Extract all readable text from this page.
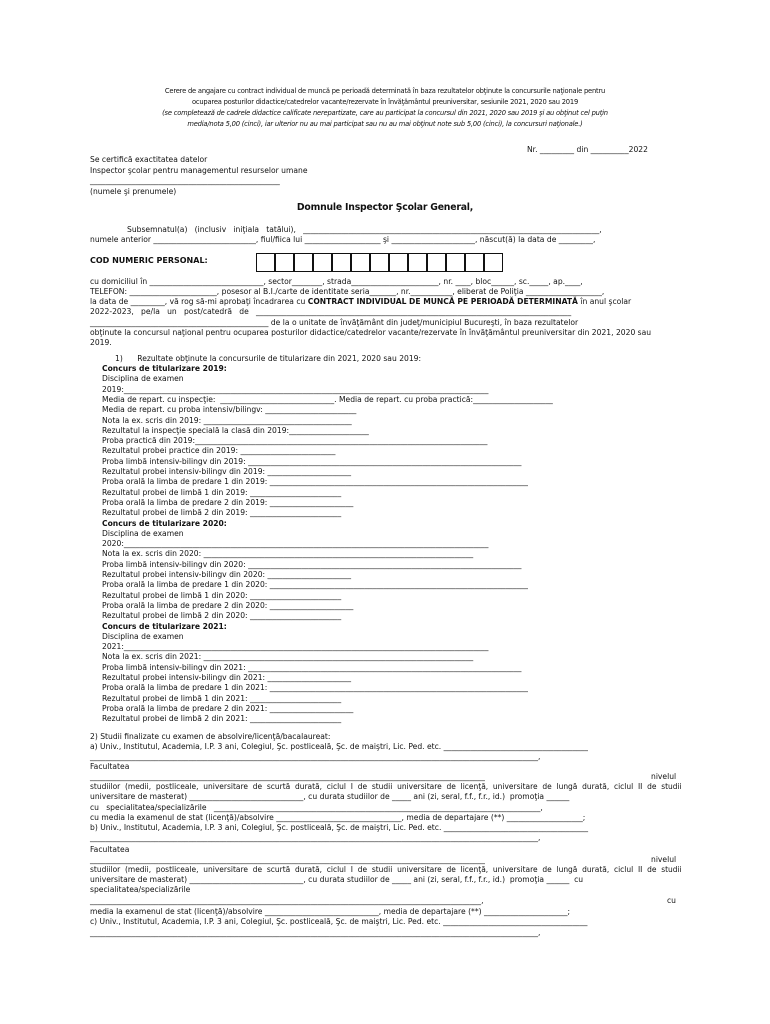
Cerere de angajare cu contract individual de muncă pe perioadă determinată în baza rezultatelor obţinute la concursurile naţionale pentru
ocuparea posturilor didactice/catedrelor vacante/rezervate în învăţământul preuniversitar, sesiunile 2021, 2020 sau 2019
(se completează de cadrele didactice calificate nerepartizate, care au participat la concursul din 2021, 2020 sau 2019 şi au obţinut cel puţin
media/nota 5,00 (cinci), iar ulterior nu au mai participat sau nu au mai obţinut note sub 5,00 (cinci), la concursuri naţionale.)
Nr. _________ din __________2022
Se certifică exactitatea datelor
Inspector şcolar pentru managementul resurselor umane
__________________________________________________
(numele şi prenumele)
Domnule Inspector Şcolar General,
Subsemnatul(a)   (inclusiv   iniţiala   tatălui),   ______________________________________________________________________________,
numele anterior ___________________________, fiul/fiica lui ____________________ şi ______________________, născut(ă) la data de _________,
COD NUMERIC PERSONAL:
cu domiciliul în ______________________________, sector________, strada_______________________, nr. ____, bloc______, sc._____, ap.____,
TELEFON: _______________________, posesor al B.I./carte de identitate seria_______, nr.___________, eliberat de Poliţia ____________________,
la data de _________, vă rog să-mi aprobaţi încadrarea cu CONTRACT INDIVIDUAL DE MUNCĂ PE PERIOADĂ DETERMINATĂ în anul şcolar
2022-2023,   pe/la   un   post/catedră   de   ___________________________________________________________________________________
_______________________________________________ de la o unitate de învăţământ din judeţ/municipiul Bucureşti, în baza rezultatelor
obţinute la concursul naţional pentru ocuparea posturilor didactice/catedrelor vacante/rezervate în învăţământul preuniversitar din 2021, 2020 sau
2019.
1)      Rezultate obţinute la concursurile de titularizare din 2021, 2020 sau 2019:
Concurs de titularizare 2019:
Disciplina de examen
2019:________________________________________________________________________________________________
Media de repart. cu inspecţie:  ______________________________. Media de repart. cu proba practică:_____________________
Media de repart. cu proba intensiv/bilingv: ________________________
Nota la ex. scris din 2019: _______________________________________
Rezultatul la inspecţie specială la clasă din 2019:_____________________
Proba practică din 2019:_____________________________________________________________________________
Rezultatul probei practice din 2019: _________________________
Proba limbă intensiv-bilingv din 2019: ________________________________________________________________________
Rezultatul probei intensiv-bilingv din 2019: ______________________
Proba orală la limba de predare 1 din 2019: ____________________________________________________________________
Rezultatul probei de limbă 1 din 2019: ________________________
Proba orală la limba de predare 2 din 2019: ______________________
Rezultatul probei de limbă 2 din 2019: ________________________
Concurs de titularizare 2020:
Disciplina de examen
2020:________________________________________________________________________________________________
Nota la ex. scris din 2020: _______________________________________________________________________
Proba limbă intensiv-bilingv din 2020: ________________________________________________________________________
Rezultatul probei intensiv-bilingv din 2020: ______________________
Proba orală la limba de predare 1 din 2020: ____________________________________________________________________
Rezultatul probei de limbă 1 din 2020: ________________________
Proba orală la limba de predare 2 din 2020: ______________________
Rezultatul probei de limbă 2 din 2020: ________________________
Concurs de titularizare 2021:
Disciplina de examen
2021:________________________________________________________________________________________________
Nota la ex. scris din 2021: _______________________________________________________________________
Proba limbă intensiv-bilingv din 2021: ________________________________________________________________________
Rezultatul probei intensiv-bilingv din 2021: ______________________
Proba orală la limba de predare 1 din 2021: ____________________________________________________________________
Rezultatul probei de limbă 1 din 2021: ________________________
Proba orală la limba de predare 2 din 2021: ______________________
Rezultatul probei de limbă 2 din 2021: ________________________
2) Studii finalizate cu examen de absolvire/licenţă/bacalaureat:
a) Univ., Institutul, Academia, I.P. 3 ani, Colegiul, Şc. postliceală, Şc. de maiştri, Lic. Ped. etc. ______________________________________
______________________________________________________________________________________________________________________,
Facultatea
________________________________________________________________________________________________________	nivelul
studiilor  (medii,  postliceale,  universitare  de  scurtă  durată,  ciclul  I  de  studii  universitare  de  licenţă,  universitare  de  lungă  durată,  ciclul  II  de  studii
universitare de masterat) ______________________________, cu durata studiilor de _____ ani (zi, seral, f.f., f.r., id.)  promoţia ______
cu   specialitatea/specializările   ______________________________________________________________________________________,
cu media la examenul de stat (licenţă)/absolvire _________________________________, media de departajare (**) ____________________;
b) Univ., Institutul, Academia, I.P. 3 ani, Colegiul, Şc. postliceală, Şc. de maiştri, Lic. Ped. etc. ______________________________________
______________________________________________________________________________________________________________________,
Facultatea
________________________________________________________________________________________________________	nivelul
studiilor  (medii,  postliceale,  universitare  de  scurtă  durată,  ciclul  I  de  studii  universitare  de  licenţă,  universitare  de  lungă  durată,  ciclul  II  de  studii
universitare de masterat) ______________________________, cu durata studiilor de _____ ani (zi, seral, f.f., f.r., id.)  promoţia ______  cu
specialitatea/specializările
_______________________________________________________________________________________________________,	cu
media la examenul de stat (licenţă)/absolvire ______________________________, media de departajare (**) ______________________;
c) Univ., Institutul, Academia, I.P. 3 ani, Colegiul, Şc. postliceală, Şc. de maiştri, Lic. Ped. etc. ______________________________________
______________________________________________________________________________________________________________________,
